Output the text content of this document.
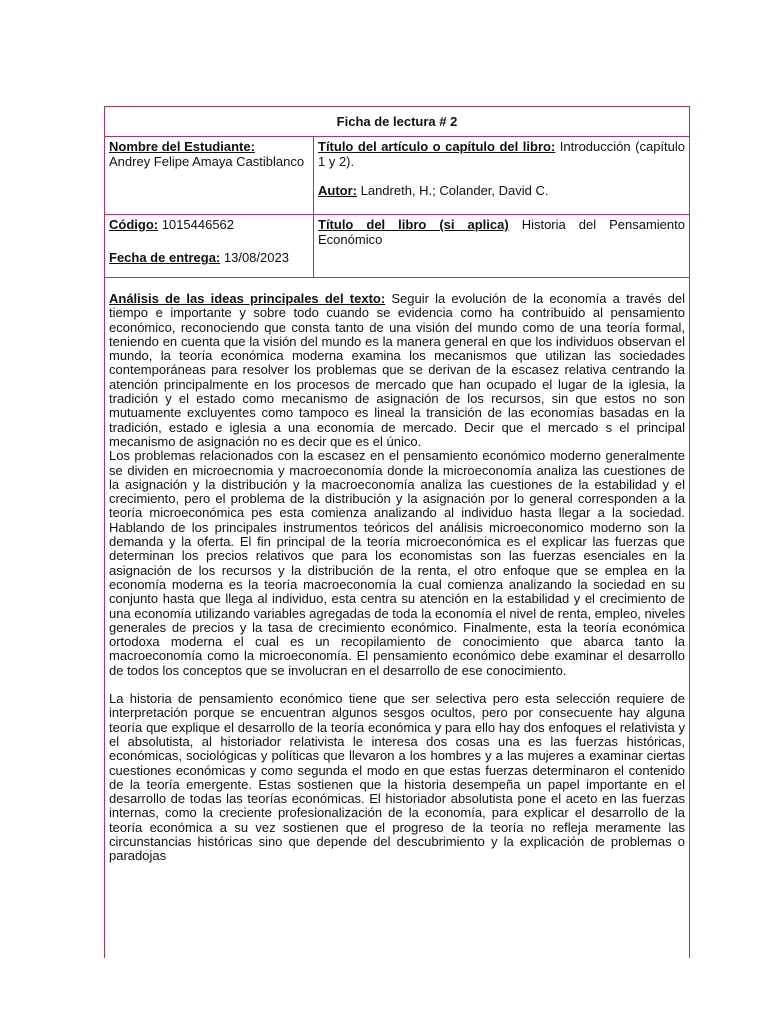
Ficha de lectura # 2
Nombre del Estudiante:
Andrey Felipe Amaya Castiblanco
Título del artículo o capítulo del libro: Introducción (capítulo 1 y 2).
Autor: Landreth, H.; Colander, David C.
Código: 1015446562
Fecha de entrega: 13/08/2023
Título del libro (si aplica) Historia del Pensamiento Económico

Análisis de las ideas principales del texto: Seguir la evolución de la economía a través del tiempo e importante y sobre todo cuando se evidencia como ha contribuido al pensamiento económico, reconociendo que consta tanto de una visión del mundo como de una teoría formal, teniendo en cuenta que la visión del mundo es la manera general en que los individuos observan el mundo, la teoría económica moderna examina los mecanismos que utilizan las sociedades contemporáneas para resolver los problemas que se derivan de la escasez relativa centrando la atención principalmente en los procesos de mercado que han ocupado el lugar de la iglesia, la tradición y el estado como mecanismo de asignación de los recursos, sin que estos no son mutuamente excluyentes como tampoco es lineal la transición de las economías basadas en la tradición, estado e iglesia a una economía de mercado. Decir que el mercado s el principal mecanismo de asignación no es decir que es el único.

Los problemas relacionados con la escasez en el pensamiento económico moderno generalmente se dividen en microecnomia y macroeconomía donde la microeconomía analiza las cuestiones de la asignación y la distribución y la macroeconomía analiza las cuestiones de la estabilidad y el crecimiento, pero el problema de la distribución y la asignación por lo general corresponden a la teoría microeconómica pes esta comienza analizando al individuo hasta llegar a la sociedad. Hablando de los principales instrumentos teóricos del análisis microeconomico moderno son la demanda y la oferta. El fin principal de la teoría microeconómica es el explicar las fuerzas que determinan los precios relativos que para los economistas son las fuerzas esenciales en la asignación de los recursos y la distribución de la renta, el otro enfoque que se emplea en la economía moderna es la teoría macroeconomía la cual comienza analizando la sociedad en su conjunto hasta que llega al individuo, esta centra su atención en la estabilidad y el crecimiento de una economía utilizando variables agregadas de toda la economía el nivel de renta, empleo, niveles generales de precios y la tasa de crecimiento económico. Finalmente, esta la teoría económica ortodoxa moderna el cual es un recopilamiento de conocimiento que abarca tanto la macroeconomía como la microeconomía. El pensamiento económico debe examinar el desarrollo de todos los conceptos que se involucran en el desarrollo de ese conocimiento.

La historia de pensamiento económico tiene que ser selectiva pero esta selección requiere de interpretación porque se encuentran algunos sesgos ocultos, pero por consecuente hay alguna teoría que explique el desarrollo de la teoría económica y para ello hay dos enfoques el relativista y el absolutista, al historiador relativista le interesa dos cosas una es las fuerzas históricas, económicas, sociológicas y políticas que llevaron a los hombres y a las mujeres a examinar ciertas cuestiones económicas y como segunda el modo en que estas fuerzas determinaron el contenido de la teoría emergente. Estas sostienen que la historia desempeña un papel importante en el desarrollo de todas las teorías económicas. El historiador absolutista pone el aceto en las fuerzas internas, como la creciente profesionalización de la economía, para explicar el desarrollo de la teoría económica a su vez sostienen que el progreso de la teoría no refleja meramente las circunstancias históricas sino que depende del descubrimiento y la explicación de problemas o paradojas
